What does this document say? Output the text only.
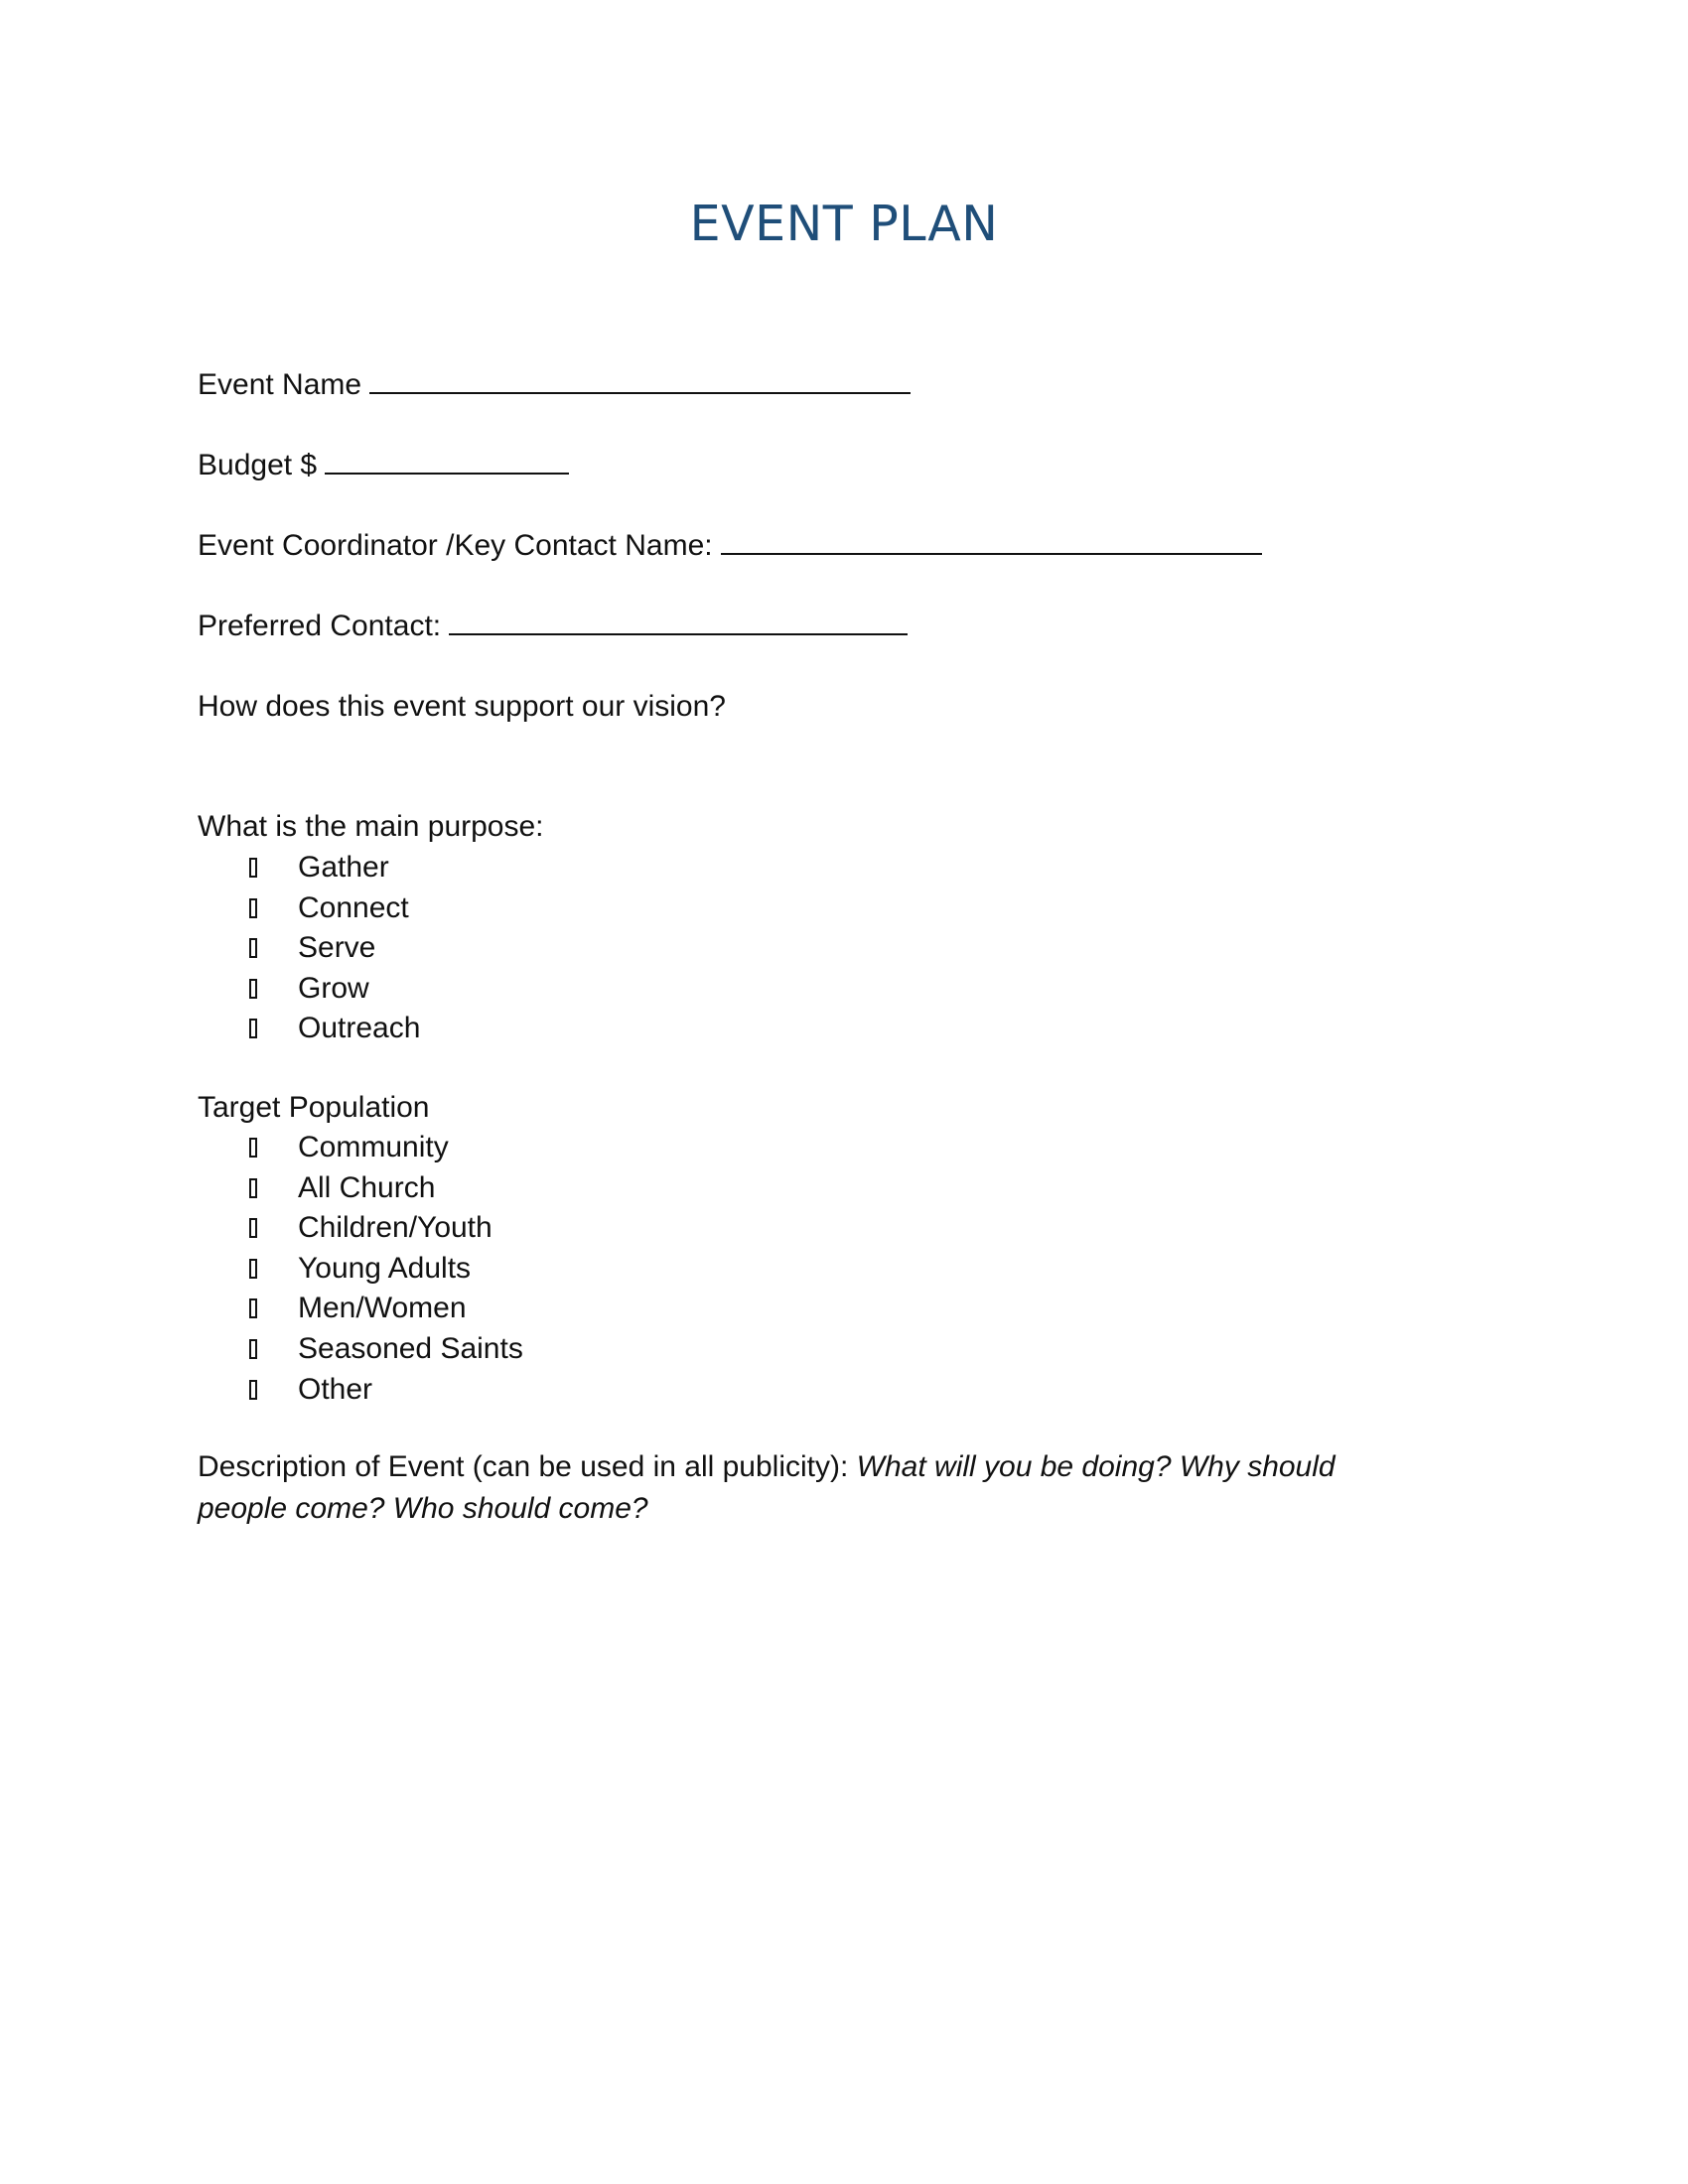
EVENT PLAN
Event Name
Budget $
Event Coordinator /Key Contact Name:
Preferred Contact:
How does this event support our vision?
What is the main purpose:
Gather
Connect
Serve
Grow
Outreach
Target Population
Community
All Church
Children/Youth
Young Adults
Men/Women
Seasoned Saints
Other
Description of Event (can be used in all publicity): What will you be doing? Why should people come? Who should come?
